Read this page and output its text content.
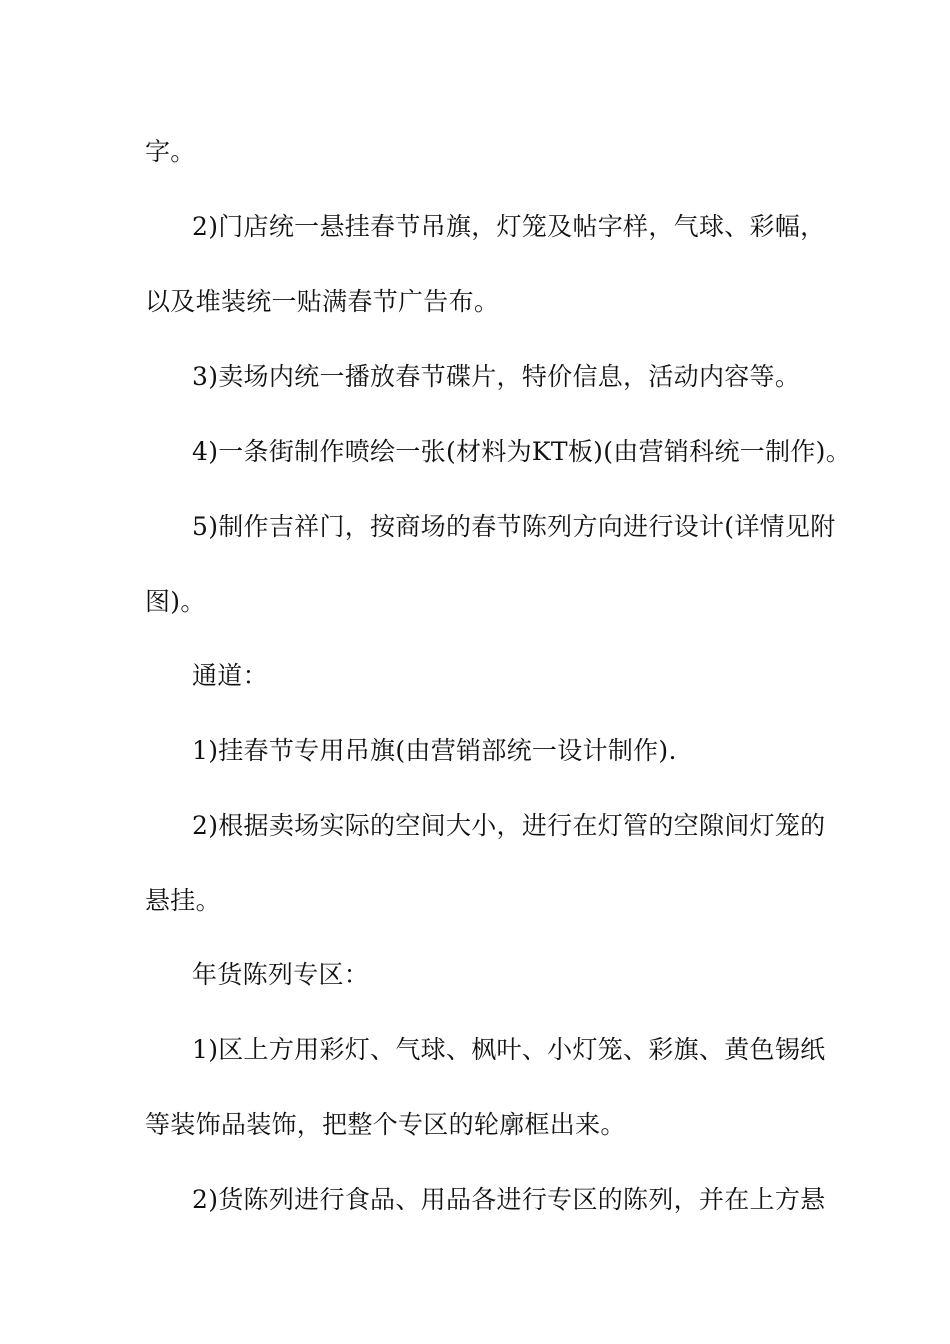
字。
2)门店统一悬挂春节吊旗，灯笼及帖字样，气球、彩幅，
以及堆装统一贴满春节广告布。
3)卖场内统一播放春节碟片，特价信息，活动内容等。
4)一条街制作喷绘一张(材料为KT板)(由营销科统一制作)。
5)制作吉祥门，按商场的春节陈列方向进行设计(详情见附
图)。
通道：
1)挂春节专用吊旗(由营销部统一设计制作).
2)根据卖场实际的空间大小，进行在灯管的空隙间灯笼的
悬挂。
年货陈列专区：
1)区上方用彩灯、气球、枫叶、小灯笼、彩旗、黄色锡纸
等装饰品装饰，把整个专区的轮廓框出来。
2)货陈列进行食品、用品各进行专区的陈列，并在上方悬
